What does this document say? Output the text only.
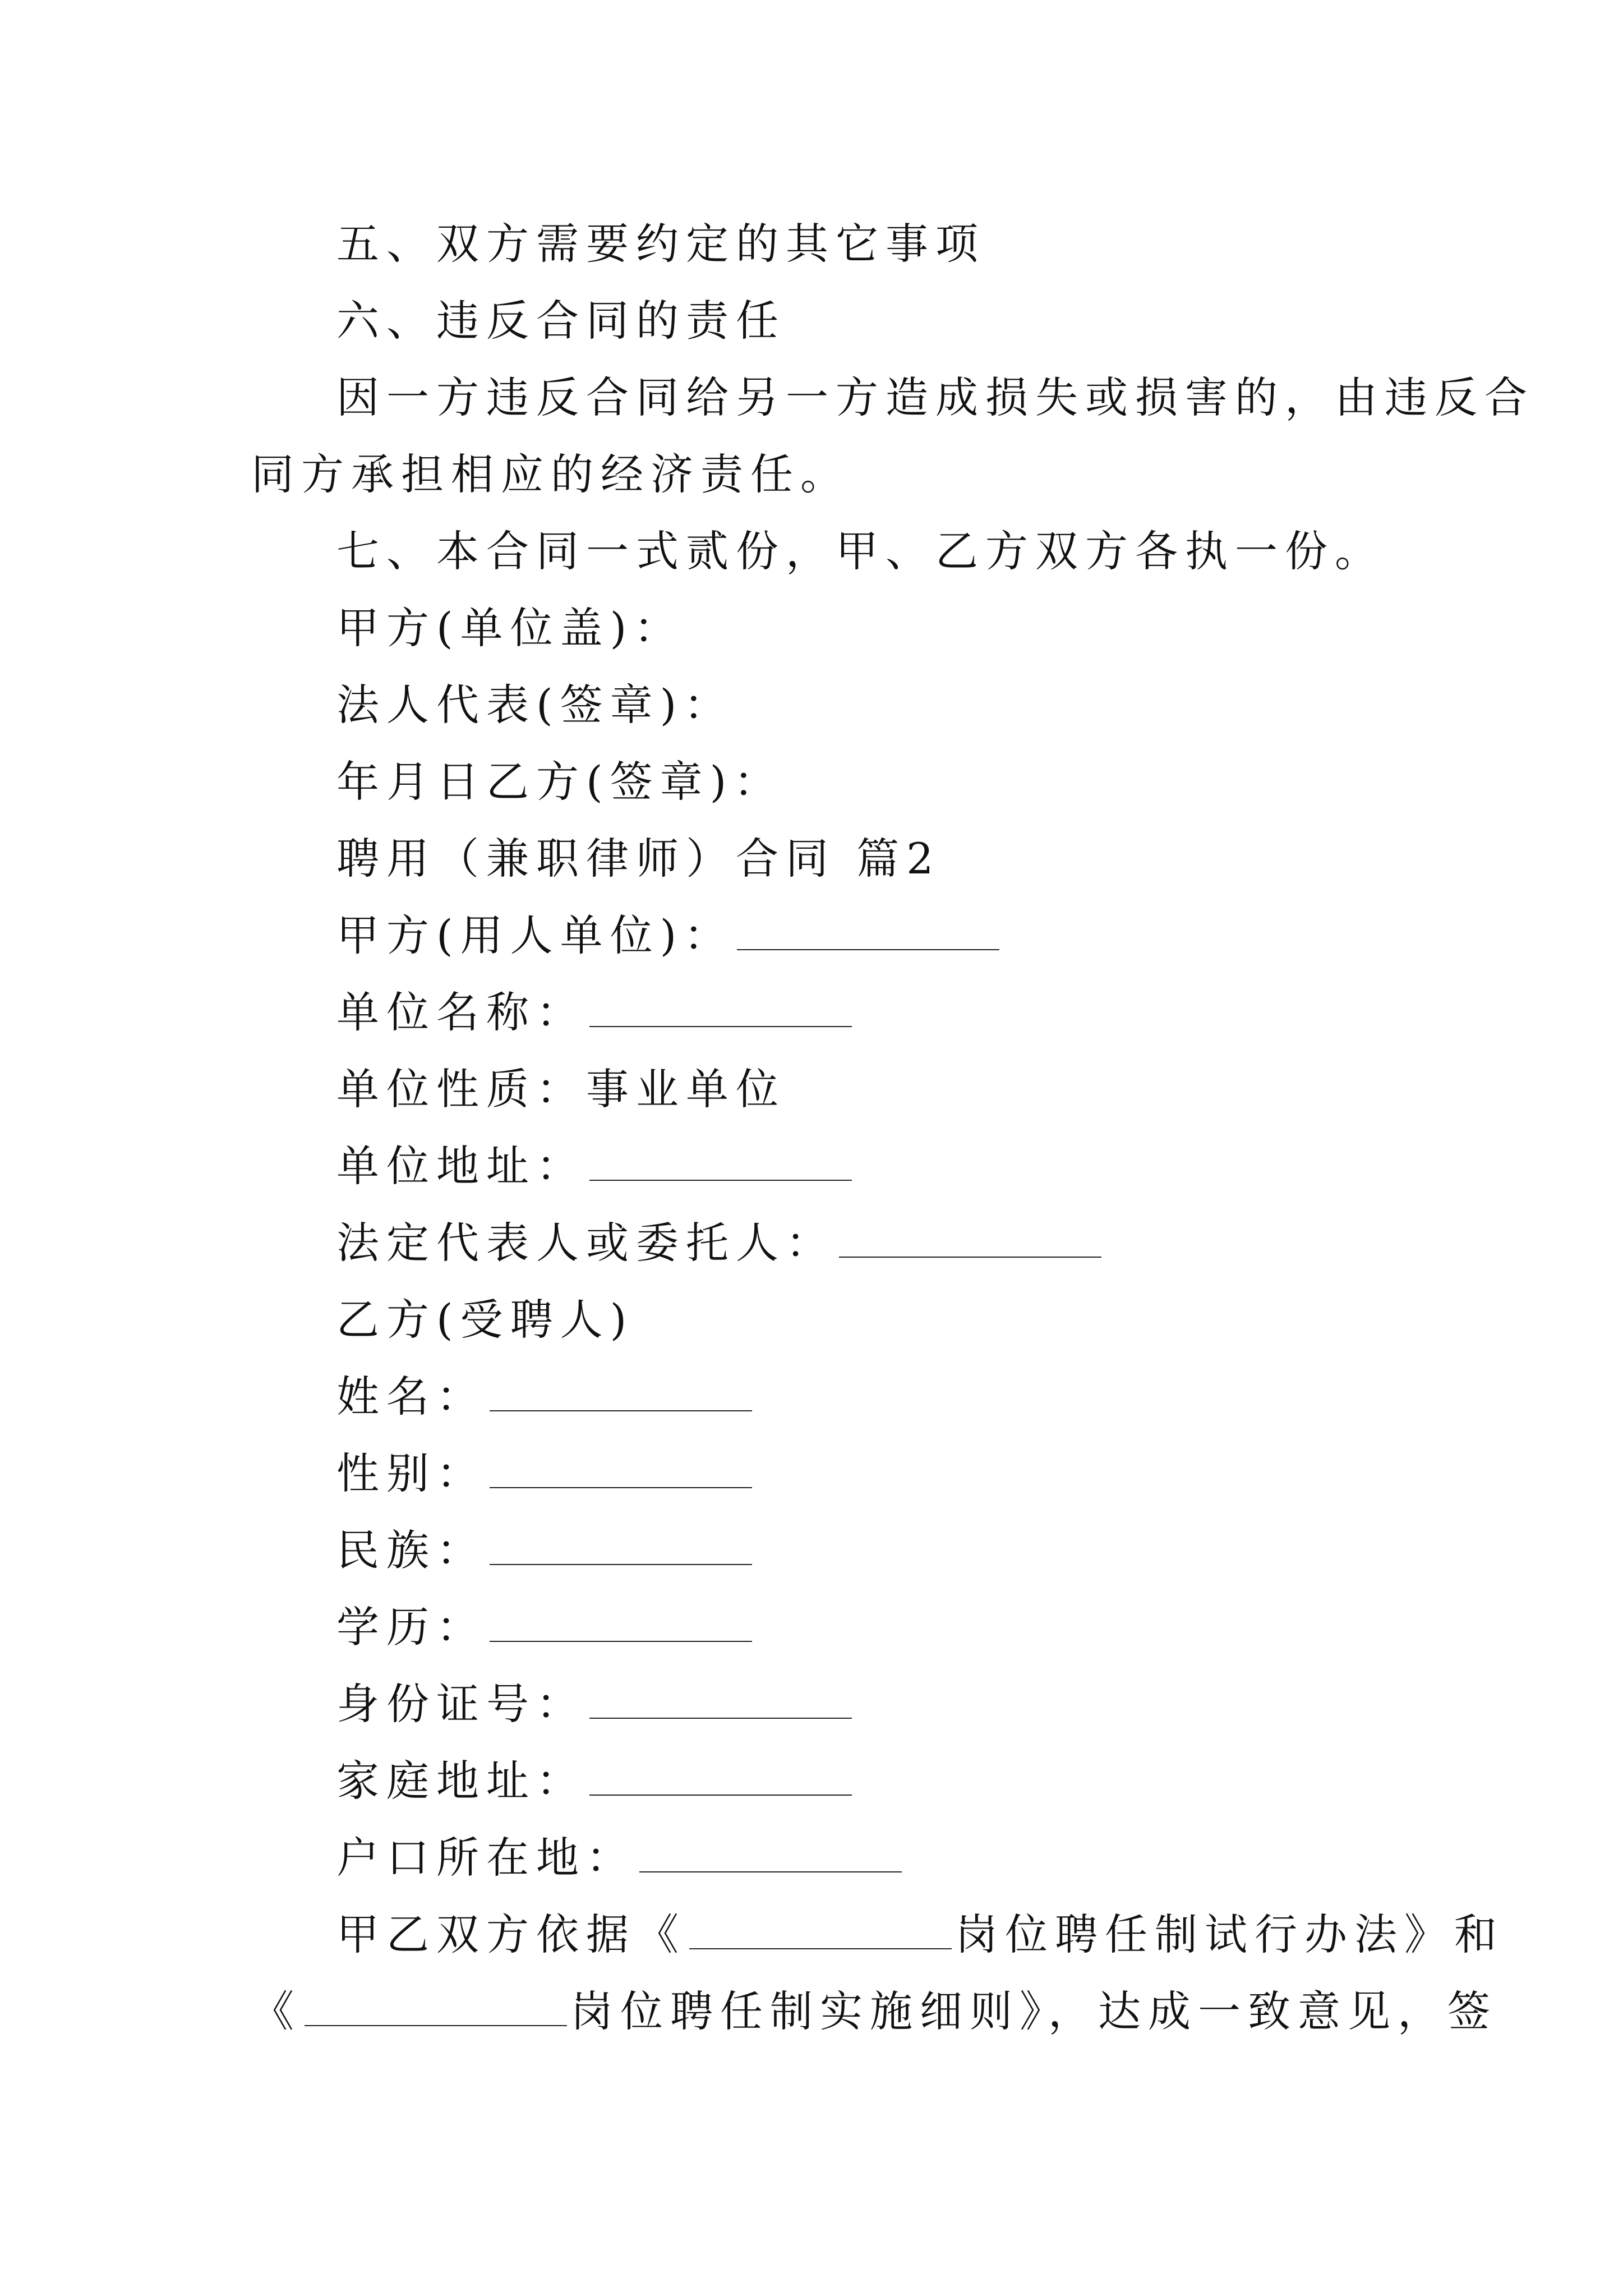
五、双方需要约定的其它事项
六、违反合同的责任
因一方违反合同给另一方造成损失或损害的，由违反合
同方承担相应的经济责任。
七、本合同一式贰份，甲、乙方双方各执一份。
甲方(单位盖)：
法人代表(签章)：
年月日乙方(签章)：
聘用（兼职律师）合同 篇2
甲方(用人单位)：
单位名称：
单位性质：事业单位
单位地址：
法定代表人或委托人：
乙方(受聘人)
姓名：
性别：
民族：
学历：
身份证号：
家庭地址：
户口所在地：
甲乙双方依据《	岗位聘任制试行办法》和
《	岗位聘任制实施细则》，达成一致意见，签
